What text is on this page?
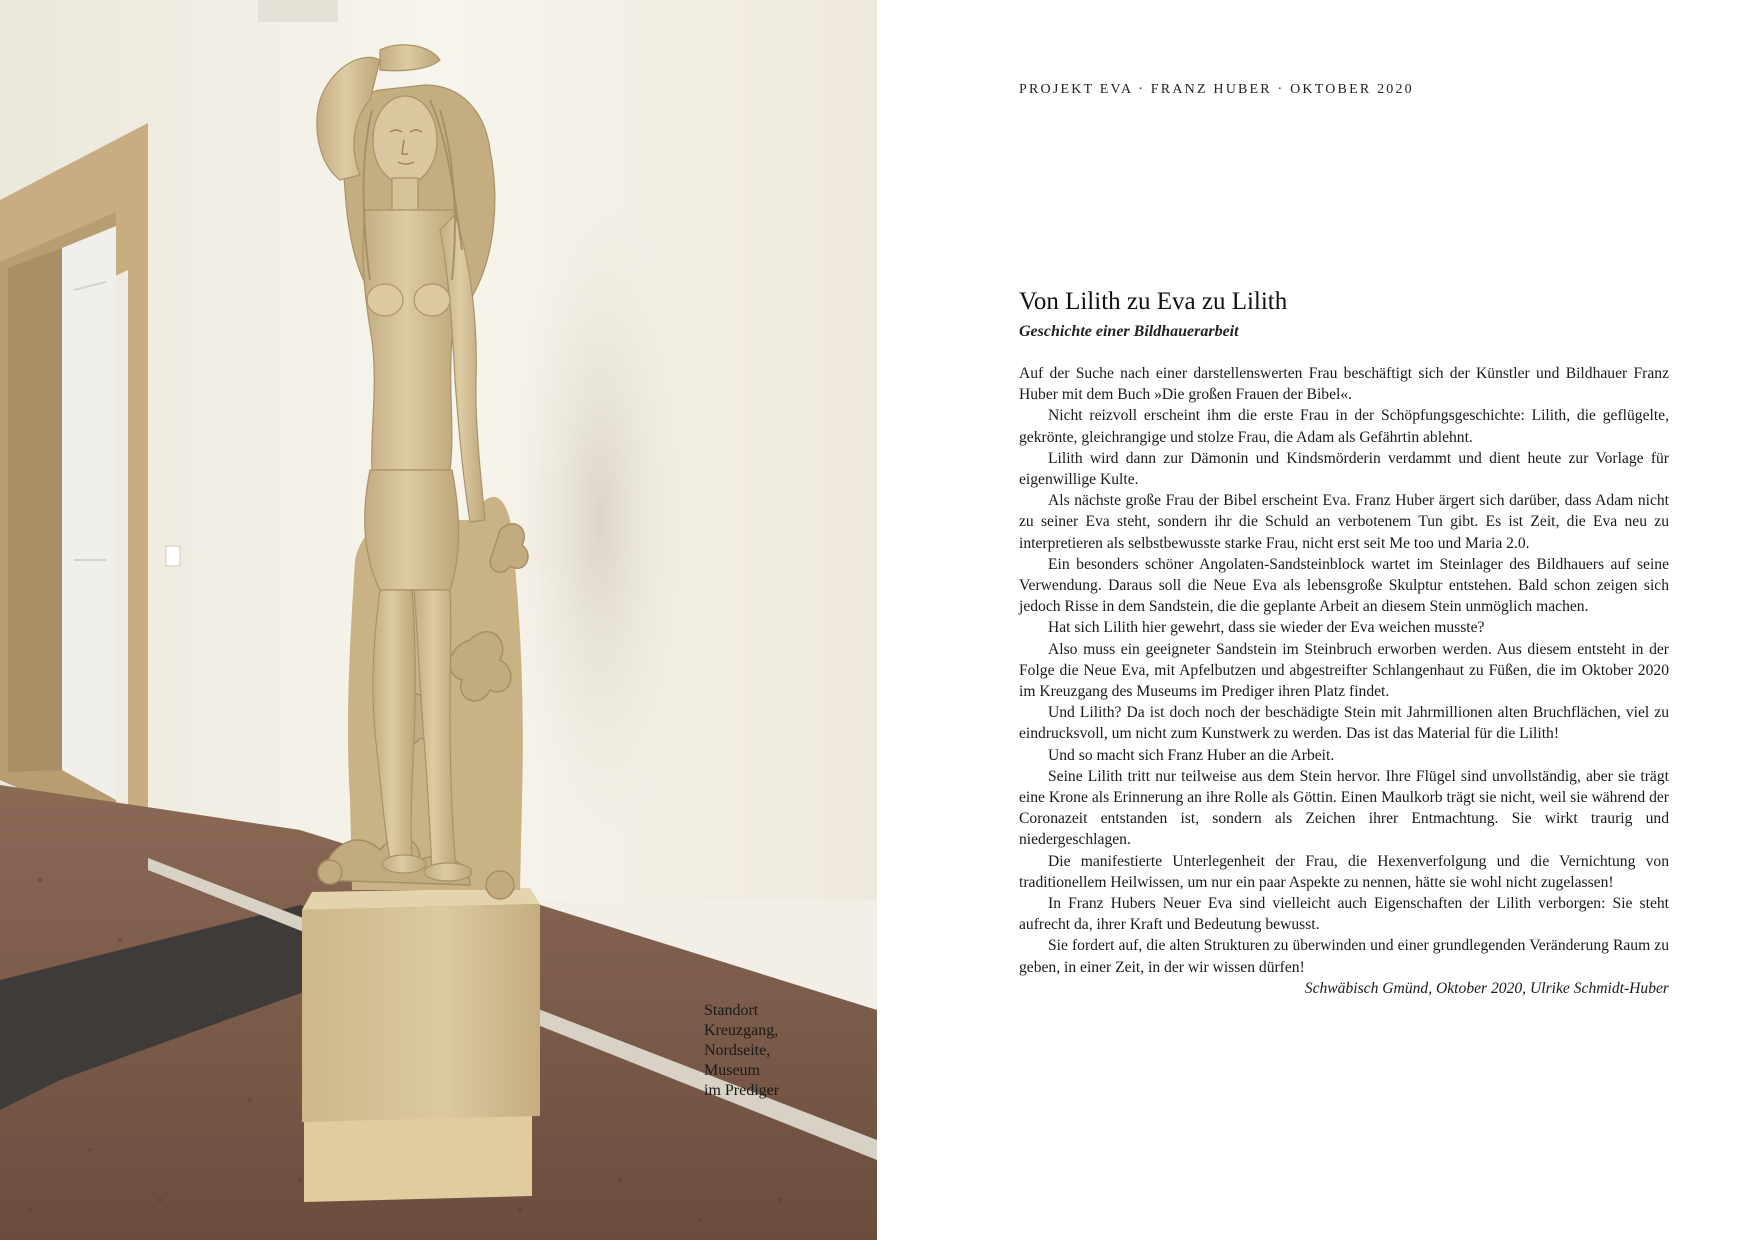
Standort
Kreuzgang,
Nordseite,
Museum
im Prediger
PROJEKT EVA · FRANZ HUBER · OKTOBER 2020
Von Lilith zu Eva zu Lilith
Geschichte einer Bildhauerarbeit

Auf der Suche nach einer darstellenswerten Frau beschäftigt sich der Künstler und Bildhauer Franz Huber mit dem Buch »Die großen Frauen der Bibel«.

Nicht reizvoll erscheint ihm die erste Frau in der Schöpfungsgeschichte: Lilith, die geflügelte, gekrönte, gleichrangige und stolze Frau, die Adam als Gefährtin ablehnt.

Lilith wird dann zur Dämonin und Kindsmörderin verdammt und dient heute zur Vorlage für eigenwillige Kulte.

Als nächste große Frau der Bibel erscheint Eva. Franz Huber ärgert sich darüber, dass Adam nicht zu seiner Eva steht, sondern ihr die Schuld an verbotenem Tun gibt. Es ist Zeit, die Eva neu zu interpretieren als selbstbewusste starke Frau, nicht erst seit Me too und Maria 2.0.

Ein besonders schöner Angolaten-Sandsteinblock wartet im Steinlager des Bildhauers auf seine Verwendung. Daraus soll die Neue Eva als lebensgroße Skulptur entstehen. Bald schon zeigen sich jedoch Risse in dem Sandstein, die die geplante Arbeit an diesem Stein unmöglich machen.

Hat sich Lilith hier gewehrt, dass sie wieder der Eva weichen musste?

Also muss ein geeigneter Sandstein im Steinbruch erworben werden. Aus diesem entsteht in der Folge die Neue Eva, mit Apfelbutzen und abgestreifter Schlangenhaut zu Füßen, die im Oktober 2020 im Kreuzgang des Museums im Prediger ihren Platz findet.

Und Lilith? Da ist doch noch der beschädigte Stein mit Jahrmillionen alten Bruchflächen, viel zu eindrucksvoll, um nicht zum Kunstwerk zu werden. Das ist das Material für die Lilith!

Und so macht sich Franz Huber an die Arbeit.

Seine Lilith tritt nur teilweise aus dem Stein hervor. Ihre Flügel sind unvollständig, aber sie trägt eine Krone als Erinnerung an ihre Rolle als Göttin. Einen Maulkorb trägt sie nicht, weil sie während der Coronazeit entstanden ist, sondern als Zeichen ihrer Entmachtung. Sie wirkt traurig und niedergeschlagen.

Die manifestierte Unterlegenheit der Frau, die Hexenverfolgung und die Vernichtung von traditionellem Heilwissen, um nur ein paar Aspekte zu nennen, hätte sie wohl nicht zugelassen!

In Franz Hubers Neuer Eva sind vielleicht auch Eigenschaften der Lilith verborgen: Sie steht aufrecht da, ihrer Kraft und Bedeutung bewusst.

Sie fordert auf, die alten Strukturen zu überwinden und einer grundlegenden Veränderung Raum zu geben, in einer Zeit, in der wir wissen dürfen!

Schwäbisch Gmünd, Oktober 2020, Ulrike Schmidt-Huber
